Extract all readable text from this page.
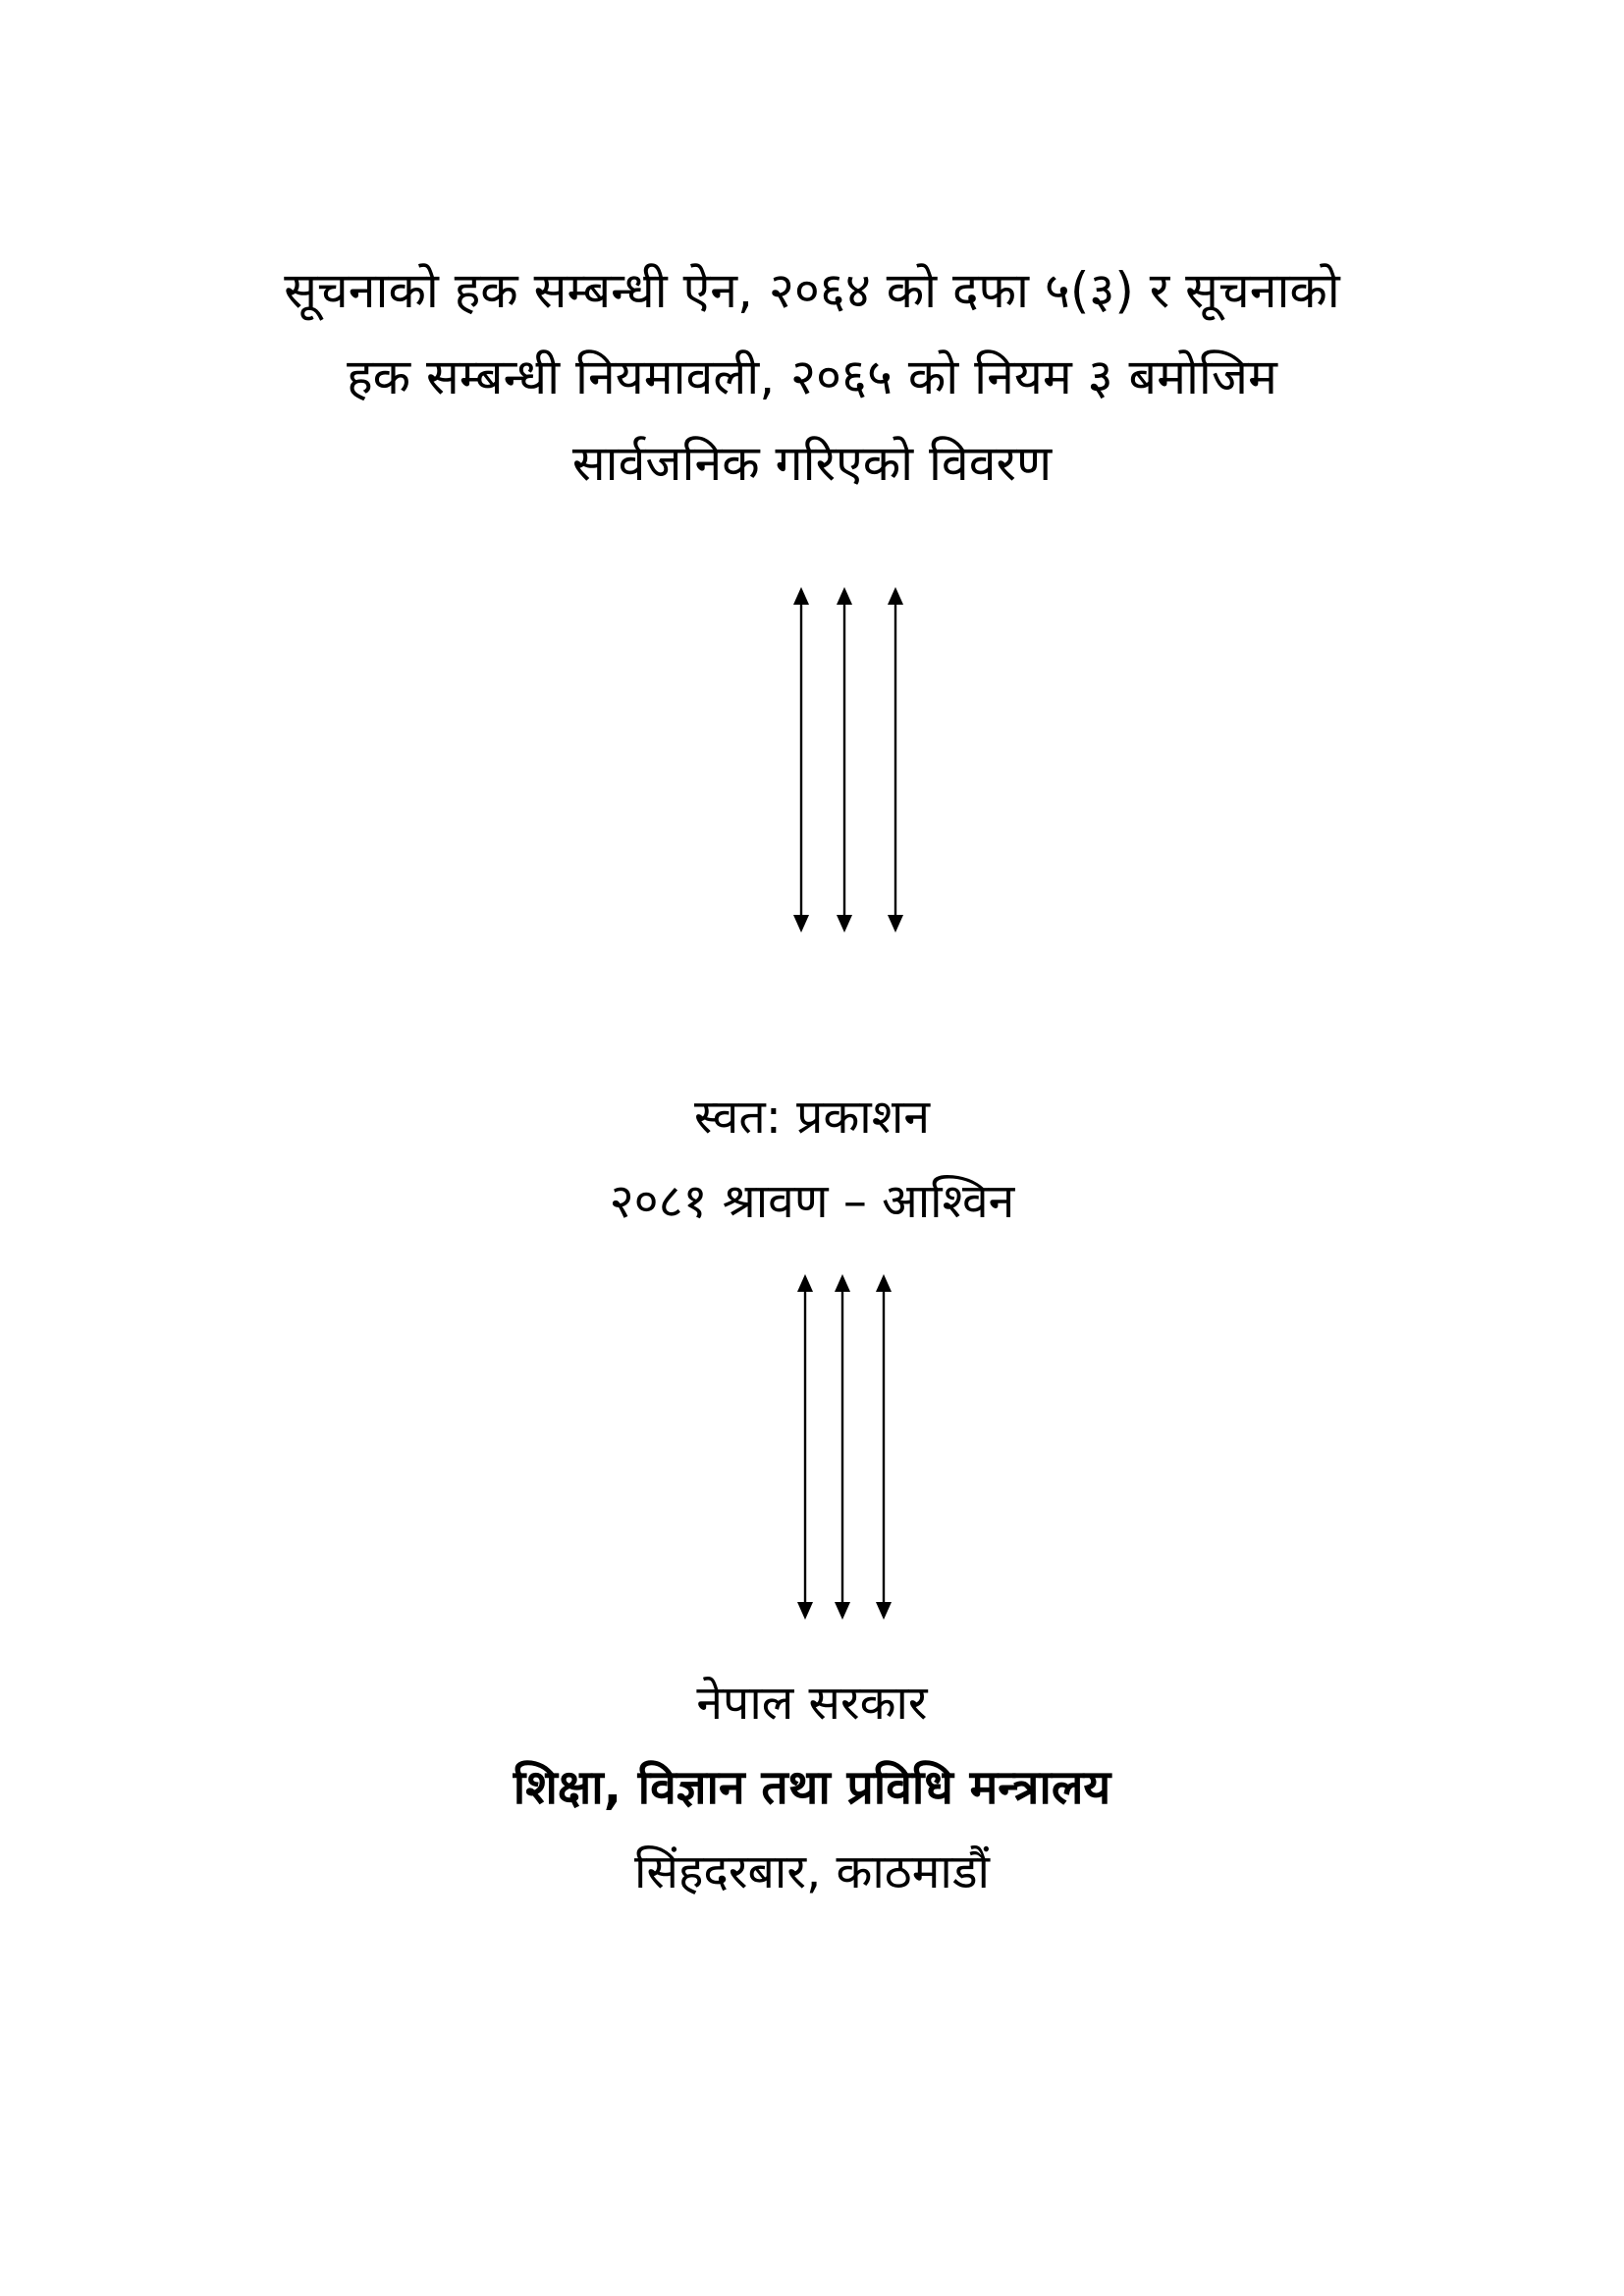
सूचनाको हक सम्बन्धी ऐन, २०६४ को दफा ५(३) र सूचनाको
हक सम्बन्धी नियमावली, २०६५ को नियम ३ बमोजिम
सार्वजनिक गरिएको विवरण
स्वत: प्रकाशन
२०८१ श्रावण – आश्विन
नेपाल सरकार
शिक्षा, विज्ञान तथा प्रविधि मन्त्रालय
सिंहदरबार, काठमाडौं
